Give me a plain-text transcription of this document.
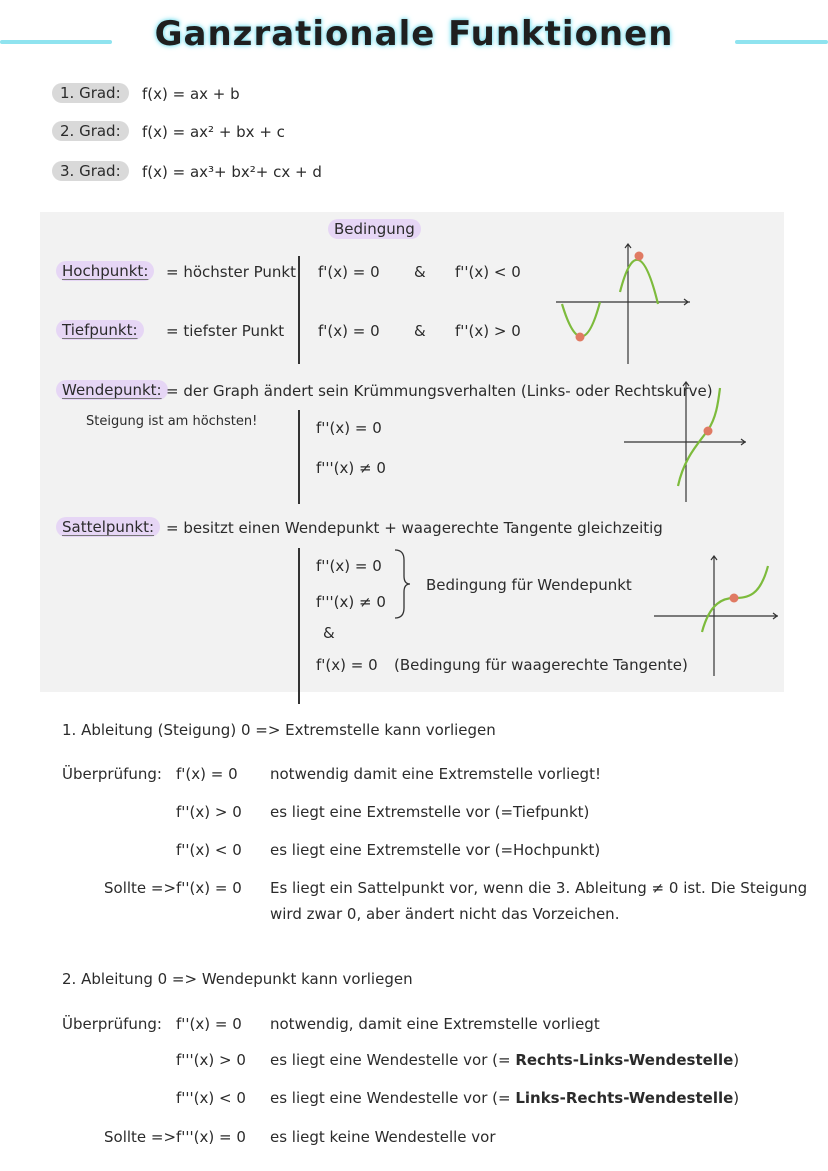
Ganzrationale Funktionen
1. Grad:	f(x) = ax + b
2. Grad:	f(x) = ax² + bx + c
3. Grad:	f(x) = ax³+ bx²+ cx + d
Bedingung
Hochpunkt:	= höchster Punkt f'(x) = 0 & f''(x) < 0
Tiefpunkt:	= tiefster Punkt f'(x) = 0 & f''(x) > 0
Wendepunkt: = der Graph ändert sein Krümmungsverhalten (Links- oder Rechtskurve)
Steigung ist am höchsten!	f''(x) = 0
f'''(x) ≠ 0
Sattelpunkt: = besitzt einen Wendepunkt + waagerechte Tangente gleichzeitig
f''(x) = 0
f'''(x) ≠ 0
Bedingung für Wendepunkt
&
f'(x) = 0 (Bedingung für waagerechte Tangente)
1. Ableitung (Steigung) 0 => Extremstelle kann vorliegen
Überprüfung: f'(x) = 0 notwendig damit eine Extremstelle vorliegt!
f''(x) > 0 es liegt eine Extremstelle vor (=Tiefpunkt)
f''(x) < 0 es liegt eine Extremstelle vor (=Hochpunkt)
Sollte => f''(x) = 0 Es liegt ein Sattelpunkt vor, wenn die 3. Ableitung ≠ 0 ist. Die Steigung
wird zwar 0, aber ändert nicht das Vorzeichen.
2. Ableitung 0 => Wendepunkt kann vorliegen
Überprüfung: f''(x) = 0 notwendig, damit eine Extremstelle vorliegt
f'''(x) > 0 es liegt eine Wendestelle vor (= Rechts-Links-Wendestelle)
f'''(x) < 0 es liegt eine Wendestelle vor (= Links-Rechts-Wendestelle)
Sollte => f'''(x) = 0 es liegt keine Wendestelle vor
